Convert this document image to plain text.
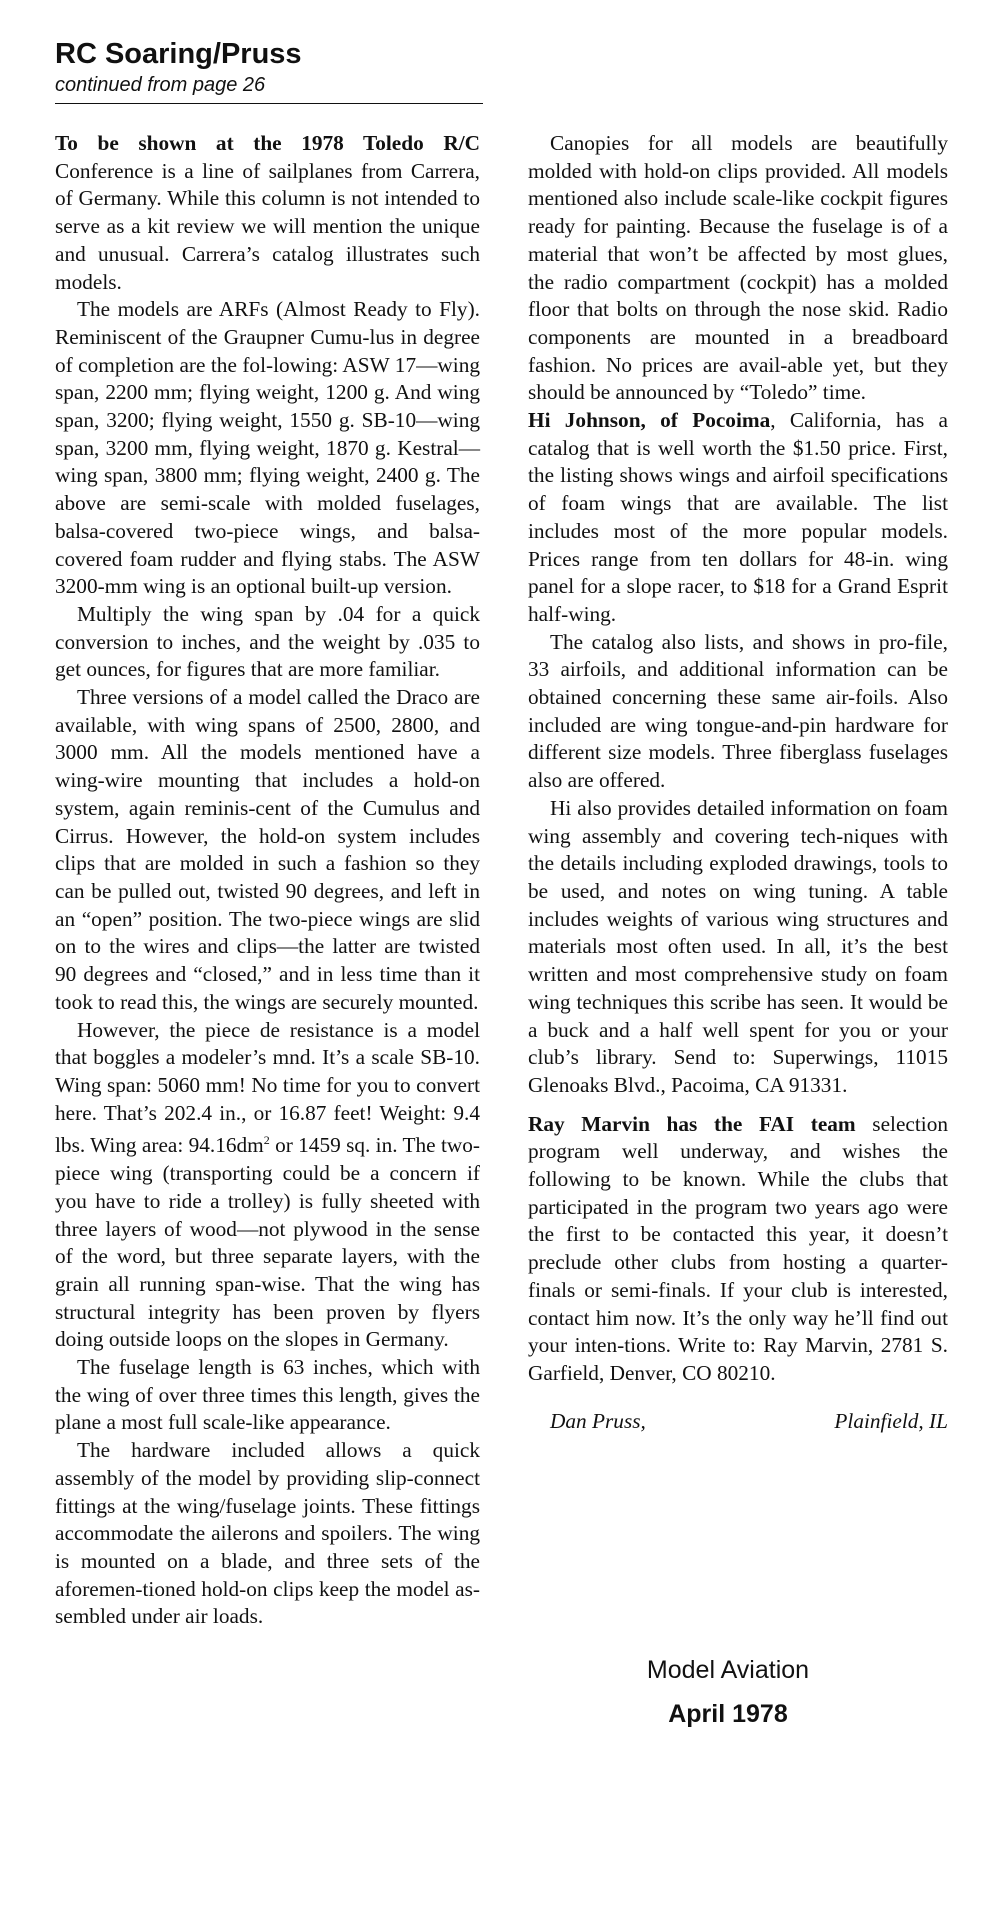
RC Soaring/Pruss
continued from page 26

To be shown at the 1978 Toledo R/C Conference is a line of sailplanes from Carrera, of Germany. While this column is not intended to serve as a kit review we will mention the unique and unusual. Carrera’s catalog illustrates such models.

The models are ARFs (Almost Ready to Fly). Reminiscent of the Graupner Cumu-lus in degree of completion are the fol-lowing: ASW 17—wing span, 2200 mm; flying weight, 1200 g. And wing span, 3200; flying weight, 1550 g. SB-10—wing span, 3200 mm, flying weight, 1870 g. Kestral—wing span, 3800 mm; flying weight, 2400 g. The above are semi-scale with molded fuselages, balsa-covered two-piece wings, and balsa-covered foam rudder and flying stabs. The ASW 3200-mm wing is an optional built-up version.

Multiply the wing span by .04 for a quick conversion to inches, and the weight by .035 to get ounces, for figures that are more familiar.

Three versions of a model called the Draco are available, with wing spans of 2500, 2800, and 3000 mm. All the models mentioned have a wing-wire mounting that includes a hold-on system, again reminis-cent of the Cumulus and Cirrus. However, the hold-on system includes clips that are molded in such a fashion so they can be pulled out, twisted 90 degrees, and left in an “open” position. The two-piece wings are slid on to the wires and clips—the latter are twisted 90 degrees and “closed,” and in less time than it took to read this, the wings are securely mounted.

However, the piece de resistance is a model that boggles a modeler’s mnd. It’s a scale SB-10. Wing span: 5060 mm! No time for you to convert here. That’s 202.4 in., or 16.87 feet! Weight: 9.4 lbs. Wing area: $94.16dm^2$ or 1459 sq. in. The two-piece wing (transporting could be a concern if you have to ride a trolley) is fully sheeted with three layers of wood—not plywood in the sense of the word, but three separate layers, with the grain all running span-wise. That the wing has structural integrity has been proven by flyers doing outside loops on the slopes in Germany.

The fuselage length is 63 inches, which with the wing of over three times this length, gives the plane a most full scale-like appearance.

The hardware included allows a quick assembly of the model by providing slip-connect fittings at the wing/fuselage joints. These fittings accommodate the ailerons and spoilers. The wing is mounted on a blade, and three sets of the aforemen-tioned hold-on clips keep the model as-sembled under air loads.

Canopies for all models are beautifully molded with hold-on clips provided. All models mentioned also include scale-like cockpit figures ready for painting. Because the fuselage is of a material that won’t be affected by most glues, the radio compartment (cockpit) has a molded floor that bolts on through the nose skid. Radio components are mounted in a breadboard fashion. No prices are avail-able yet, but they should be announced by “Toledo” time.

Hi Johnson, of Pocoima, California, has a catalog that is well worth the $1.50 price. First, the listing shows wings and airfoil specifications of foam wings that are available. The list includes most of the more popular models. Prices range from ten dollars for 48-in. wing panel for a slope racer, to $18 for a Grand Esprit half-wing.

The catalog also lists, and shows in pro-file, 33 airfoils, and additional information can be obtained concerning these same air-foils. Also included are wing tongue-and-pin hardware for different size models. Three fiberglass fuselages also are offered.

Hi also provides detailed information on foam wing assembly and covering tech-niques with the details including exploded drawings, tools to be used, and notes on wing tuning. A table includes weights of various wing structures and materials most often used. In all, it’s the best written and most comprehensive study on foam wing techniques this scribe has seen. It would be a buck and a half well spent for you or your club’s library. Send to: Superwings, 11015 Glenoaks Blvd., Pacoima, CA 91331.

Ray Marvin has the FAI team selection program well underway, and wishes the following to be known. While the clubs that participated in the program two years ago were the first to be contacted this year, it doesn’t preclude other clubs from hosting a quarter-finals or semi-finals. If your club is interested, contact him now. It’s the only way he’ll find out your inten-tions. Write to: Ray Marvin, 2781 S. Garfield, Denver, CO 80210.

Dan Pruss,	Plainfield, IL
Model Aviation
April 1978
